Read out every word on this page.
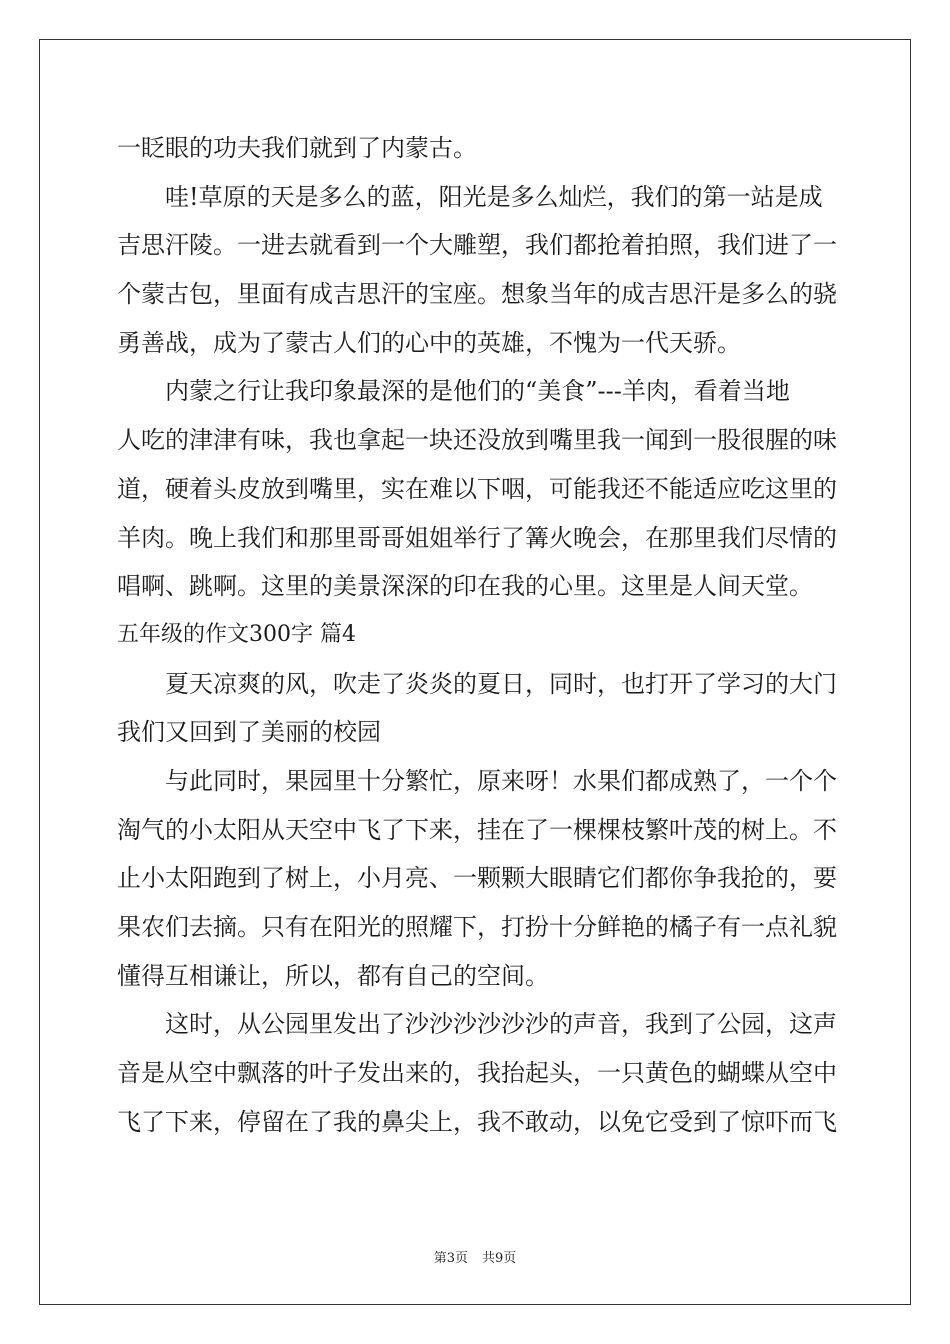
一眨眼的功夫我们就到了内蒙古。
哇!草原的天是多么的蓝，阳光是多么灿烂，我们的第一站是成
吉思汗陵。一进去就看到一个大雕塑，我们都抢着拍照，我们进了一
个蒙古包，里面有成吉思汗的宝座。想象当年的成吉思汗是多么的骁
勇善战，成为了蒙古人们的心中的英雄，不愧为一代天骄。
内蒙之行让我印象最深的是他们的“美食”---羊肉，看着当地
人吃的津津有味，我也拿起一块还没放到嘴里我一闻到一股很腥的味
道，硬着头皮放到嘴里，实在难以下咽，可能我还不能适应吃这里的
羊肉。晚上我们和那里哥哥姐姐举行了篝火晚会，在那里我们尽情的
唱啊、跳啊。这里的美景深深的印在我的心里。这里是人间天堂。
五年级的作文300字 篇4
夏天凉爽的风，吹走了炎炎的夏日，同时，也打开了学习的大门
我们又回到了美丽的校园
与此同时，果园里十分繁忙，原来呀！水果们都成熟了，一个个
淘气的小太阳从天空中飞了下来，挂在了一棵棵枝繁叶茂的树上。不
止小太阳跑到了树上，小月亮、一颗颗大眼睛它们都你争我抢的，要
果农们去摘。只有在阳光的照耀下，打扮十分鲜艳的橘子有一点礼貌
懂得互相谦让，所以，都有自己的空间。
这时，从公园里发出了沙沙沙沙沙沙的声音，我到了公园，这声
音是从空中飘落的叶子发出来的，我抬起头，一只黄色的蝴蝶从空中
飞了下来，停留在了我的鼻尖上，我不敢动，以免它受到了惊吓而飞
第3页 共9页
